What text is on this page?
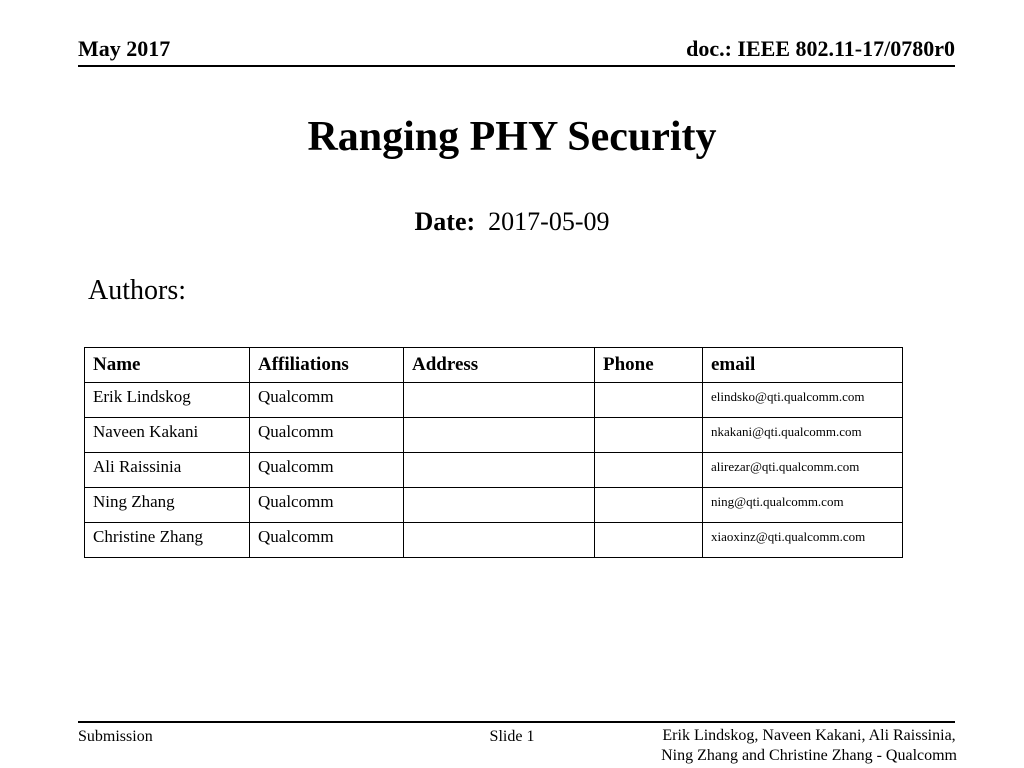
May 2017	doc.: IEEE 802.11-17/0780r0
Ranging PHY Security
Date: 2017-05-09
Authors:
Name	Affiliations	Address	Phone	email
Erik Lindskog	Qualcomm			elindsko@qti.qualcomm.com
Naveen Kakani	Qualcomm			nkakani@qti.qualcomm.com
Ali Raissinia	Qualcomm			alirezar@qti.qualcomm.com
Ning Zhang	Qualcomm			ning@qti.qualcomm.com
Christine Zhang	Qualcomm			xiaoxinz@qti.qualcomm.com
Submission	Slide 1	Erik Lindskog, Naveen Kakani, Ali Raissinia,
Ning Zhang and Christine Zhang - Qualcomm
